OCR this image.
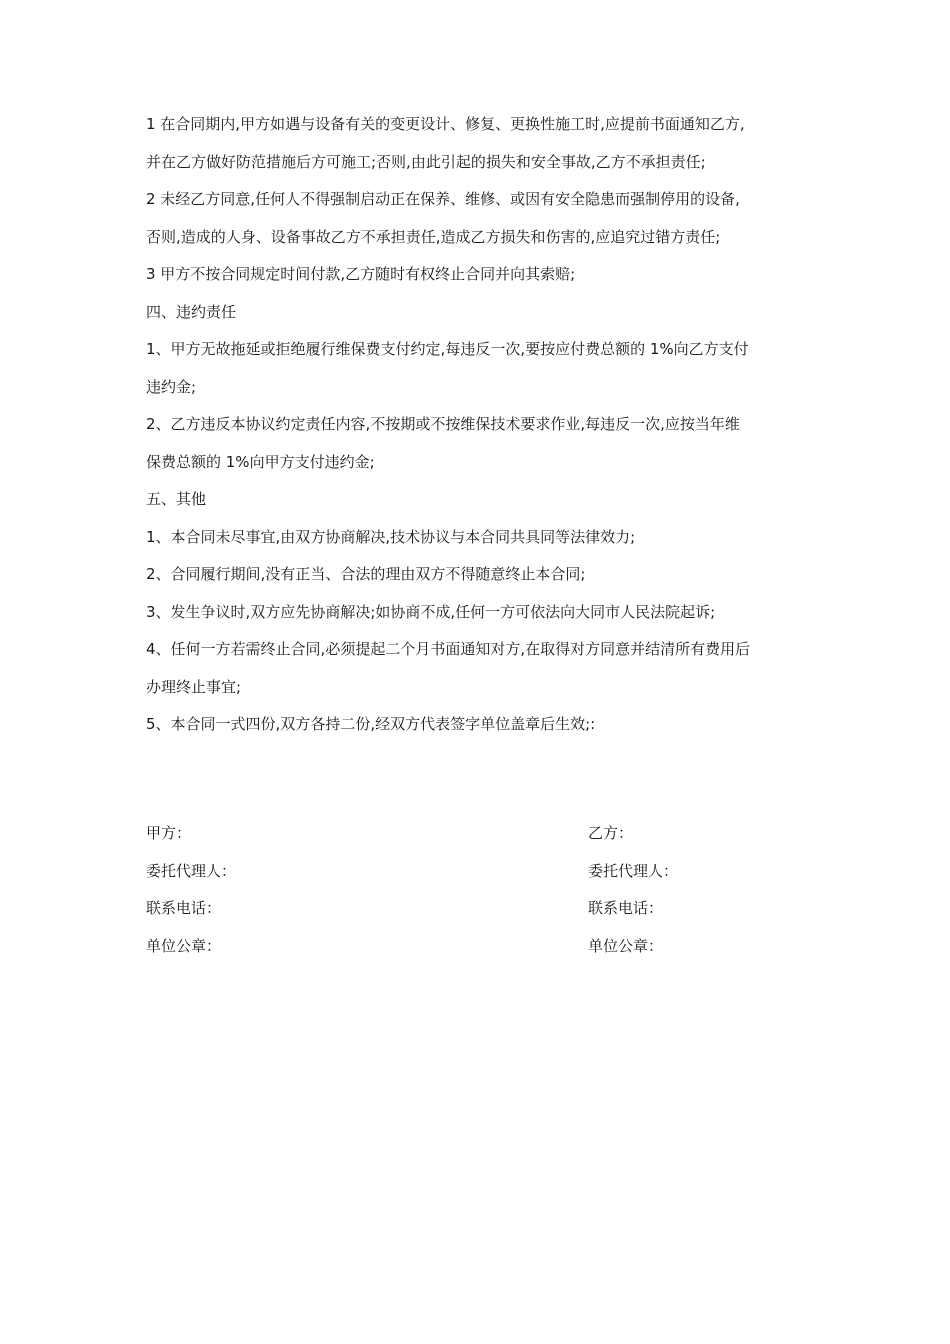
1 在合同期内,甲方如遇与设备有关的变更设计、修复、更换性施工时,应提前书面通知乙方,

并在乙方做好防范措施后方可施工;否则,由此引起的损失和安全事故,乙方不承担责任;

2 未经乙方同意,任何人不得强制启动正在保养、维修、或因有安全隐患而强制停用的设备,

否则,造成的人身、设备事故乙方不承担责任,造成乙方损失和伤害的,应追究过错方责任;

3 甲方不按合同规定时间付款,乙方随时有权终止合同并向其索赔;

四、违约责任

1、甲方无故拖延或拒绝履行维保费支付约定,每违反一次,要按应付费总额的 1%向乙方支付

违约金;

2、乙方违反本协议约定责任内容,不按期或不按维保技术要求作业,每违反一次,应按当年维

保费总额的 1%向甲方支付违约金;

五、其他

1、本合同未尽事宜,由双方协商解决,技术协议与本合同共具同等法律效力;

2、合同履行期间,没有正当、合法的理由双方不得随意终止本合同;

3、发生争议时,双方应先协商解决;如协商不成,任何一方可依法向大同市人民法院起诉;

4、任何一方若需终止合同,必须提起二个月书面通知对方,在取得对方同意并结清所有费用后

办理终止事宜;

5、本合同一式四份,双方各持二份,经双方代表签字单位盖章后生效;:

甲方：

委托代理人：

联系电话：

单位公章：

乙方：

委托代理人：

联系电话：

单位公章：
